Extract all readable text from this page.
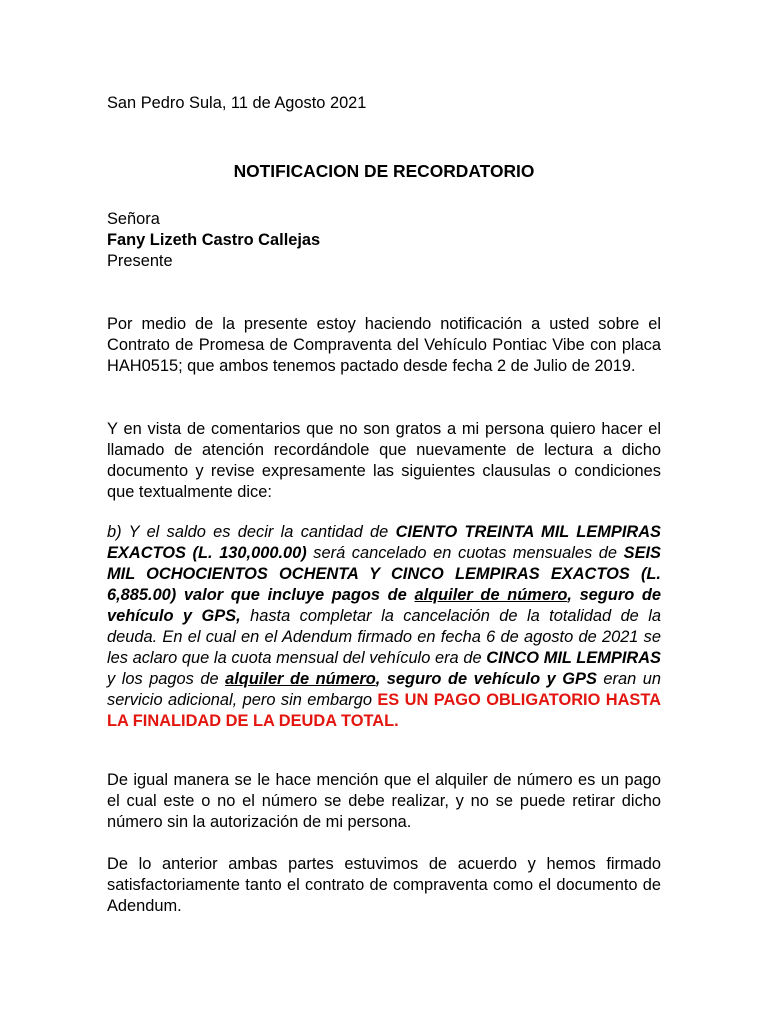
San Pedro Sula, 11 de Agosto 2021

NOTIFICACION DE RECORDATORIO

Señora
Fany Lizeth Castro Callejas
Presente

Por medio de la presente estoy haciendo notificación a usted sobre el Contrato de Promesa de Compraventa del Vehículo Pontiac Vibe con placa HAH0515; que ambos tenemos pactado desde fecha 2 de Julio de 2019.

Y en vista de comentarios que no son gratos a mi persona quiero hacer el llamado de atención recordándole que nuevamente de lectura a dicho documento y revise expresamente las siguientes clausulas o condiciones que textualmente dice:

b) Y el saldo es decir la cantidad de CIENTO TREINTA MIL LEMPIRAS EXACTOS (L. 130,000.00) será cancelado en cuotas mensuales de SEIS MIL OCHOCIENTOS OCHENTA Y CINCO LEMPIRAS EXACTOS (L. 6,885.00) valor que incluye pagos de alquiler de número, seguro de vehículo y GPS, hasta completar la cancelación de la totalidad de la deuda. En el cual en el Adendum firmado en fecha 6 de agosto de 2021 se les aclaro que la cuota mensual del vehículo era de CINCO MIL LEMPIRAS y los pagos de alquiler de número, seguro de vehículo y GPS eran un servicio adicional, pero sin embargo ES UN PAGO OBLIGATORIO HASTA LA FINALIDAD DE LA DEUDA TOTAL.

De igual manera se le hace mención que el alquiler de número es un pago el cual este o no el número se debe realizar, y no se puede retirar dicho número sin la autorización de mi persona.

De lo anterior ambas partes estuvimos de acuerdo y hemos firmado satisfactoriamente tanto el contrato de compraventa como el documento de Adendum.
